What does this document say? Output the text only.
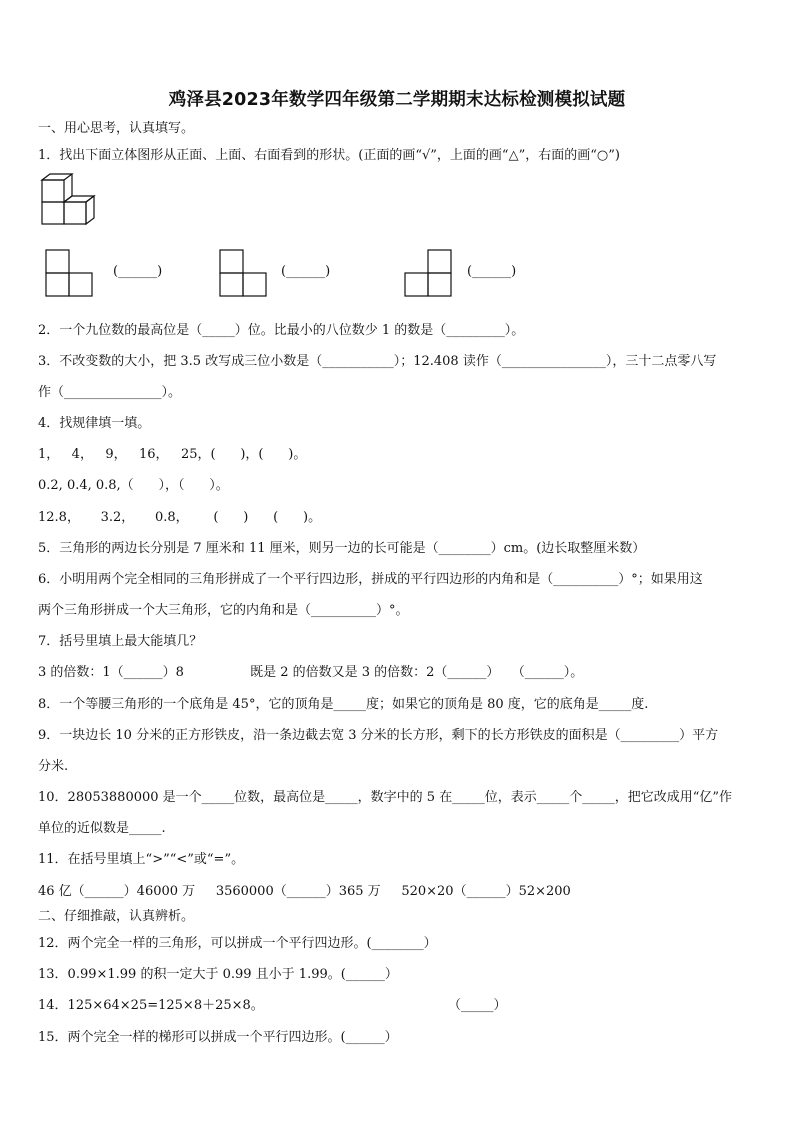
鸡泽县2023年数学四年级第二学期期末达标检测模拟试题
一、用心思考，认真填写。
1．找出下面立体图形从正面、上面、右面看到的形状。(正面的画“√”，上面的画“△”，右面的画“○”)
(______)	(______)	(______)
2．一个九位数的最高位是（_____）位。比最小的八位数少 1 的数是（_________）。
3．不改变数的大小，把 3.5 改写成三位小数是（___________）；12.408 读作（________________），三十二点零八写
作（_______________）。
4．找规律填一填。
1，   4，   9，   16，   25，(      )，(      )。
0.2, 0.4, 0.8,（      ），（      ）。
12.8，     3.2，     0.8，      (      )      (      )。
5．三角形的两边长分别是 7 厘米和 11 厘米，则另一边的长可能是（________）cm。(边长取整厘米数）
6．小明用两个完全相同的三角形拼成了一个平行四边形，拼成的平行四边形的内角和是（__________）°；如果用这
两个三角形拼成一个大三角形，它的内角和是（__________）°。
7．括号里填上最大能填几？
3 的倍数：1（______）8                既是 2 的倍数又是 3 的倍数：2（______）   （______）。
8．一个等腰三角形的一个底角是 45°，它的顶角是_____度；如果它的顶角是 80 度，它的底角是_____度.
9．一块边长 10 分米的正方形铁皮，沿一条边截去宽 3 分米的长方形，剩下的长方形铁皮的面积是（_________）平方
分米.
10．28053880000 是一个_____位数，最高位是_____，数字中的 5 在_____位，表示_____个_____，把它改成用“亿”作
单位的近似数是_____.
11．在括号里填上“>”“<”或“=”。
46 亿（______）46000 万     3560000（______）365 万     520×20（______）52×200
二、仔细推敲，认真辨析。
12．两个完全一样的三角形，可以拼成一个平行四边形。(________）
13．0.99×1.99 的积一定大于 0.99 且小于 1.99。(______）
14．125×64×25=125×8＋25×8。	（_____）
15．两个完全一样的梯形可以拼成一个平行四边形。(______）
